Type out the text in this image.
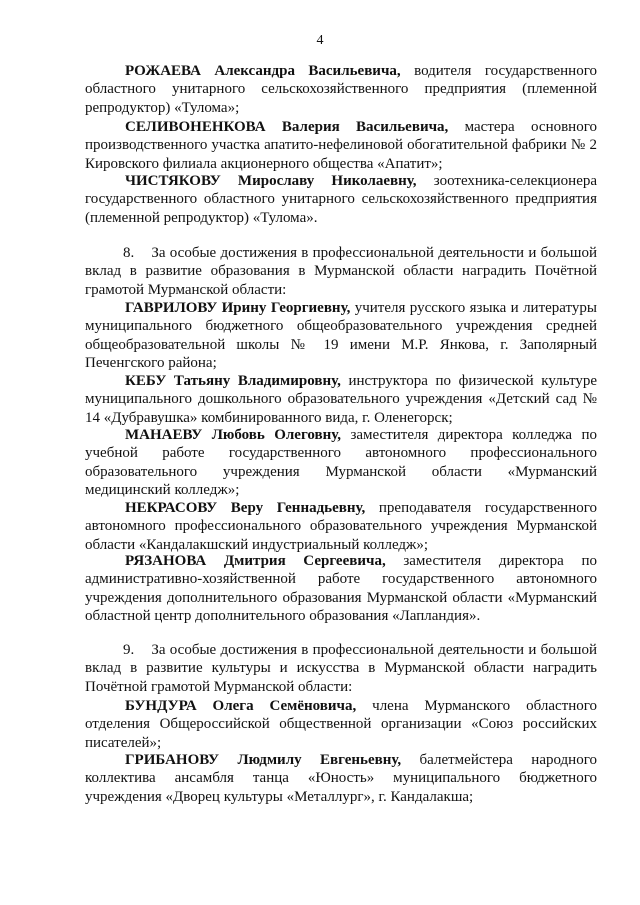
4

РОЖАЕВА Александра Васильевича, водителя государственного областного унитарного сельскохозяйственного предприятия (племенной репродуктор) «Тулома»;

СЕЛИВОНЕНКОВА Валерия Васильевича, мастера основного производственного участка апатито-нефелиновой обогатительной фабрики № 2 Кировского филиала акционерного общества «Апатит»;

ЧИСТЯКОВУ Мирославу Николаевну, зоотехника-селекционера государственного областного унитарного сельскохозяйственного предприятия (племенной репродуктор) «Тулома».

8.    За особые достижения в профессиональной деятельности и большой вклад в развитие образования в Мурманской области наградить Почётной грамотой Мурманской области:

ГАВРИЛОВУ Ирину Георгиевну, учителя русского языка и литературы муниципального бюджетного общеобразовательного учреждения средней общеобразовательной школы № 19 имени М.Р. Янкова, г. Заполярный Печенгского района;

КЕБУ Татьяну Владимировну, инструктора по физической культуре муниципального дошкольного образовательного учреждения «Детский сад № 14 «Дубравушка» комбинированного вида, г. Оленегорск;

МАНАЕВУ Любовь Олеговну, заместителя директора колледжа по учебной работе государственного автономного профессионального образовательного учреждения Мурманской области «Мурманский медицинский колледж»;

НЕКРАСОВУ Веру Геннадьевну, преподавателя государственного автономного профессионального образовательного учреждения Мурманской области «Кандалакшский индустриальный колледж»;

РЯЗАНОВА Дмитрия Сергеевича, заместителя директора по административно-хозяйственной работе государственного автономного учреждения дополнительного образования Мурманской области «Мурманский областной центр дополнительного образования «Лапландия».

9.    За особые достижения в профессиональной деятельности и большой вклад в развитие культуры и искусства в Мурманской области наградить Почётной грамотой Мурманской области:

БУНДУРА Олега Семёновича, члена Мурманского областного отделения Общероссийской общественной организации «Союз российских писателей»;

ГРИБАНОВУ Людмилу Евгеньевну, балетмейстера народного коллектива ансамбля танца «Юность» муниципального бюджетного учреждения «Дворец культуры «Металлург», г. Кандалакша;
